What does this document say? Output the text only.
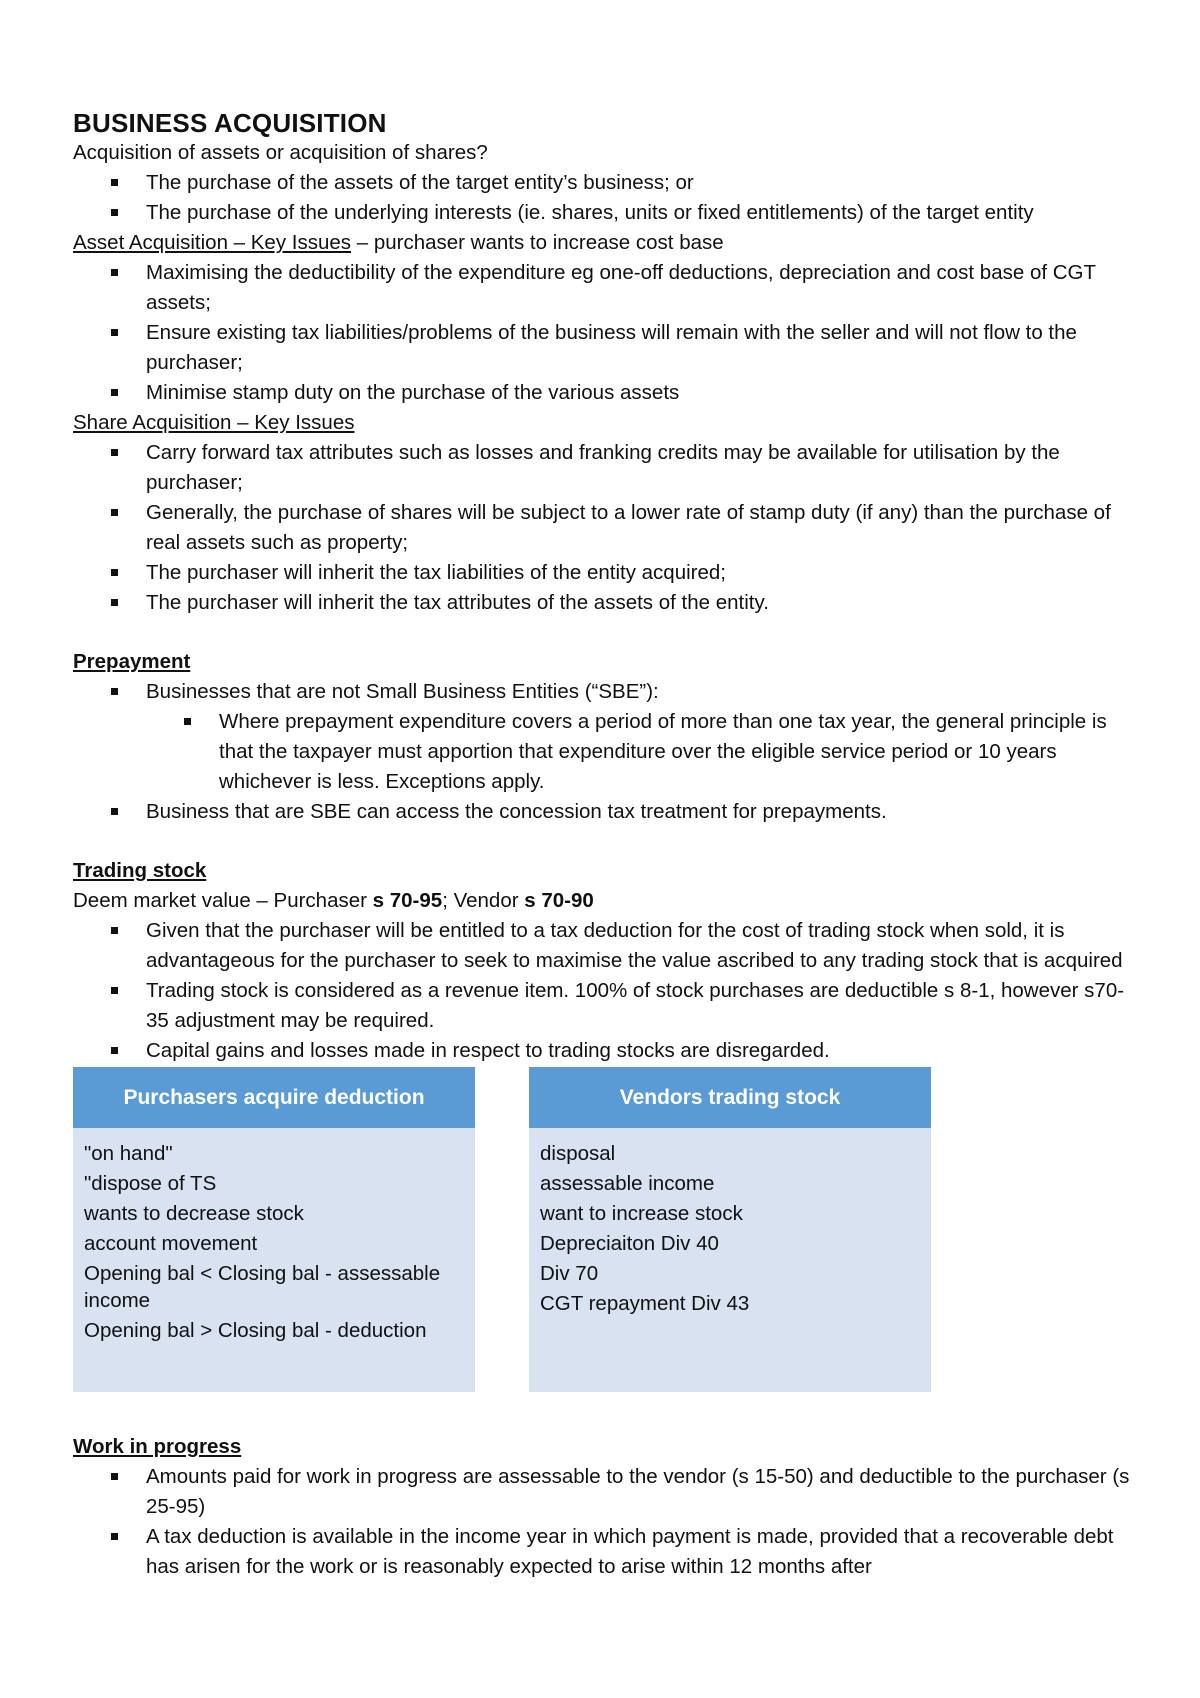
BUSINESS ACQUISITION

Acquisition of assets or acquisition of shares?

The purchase of the assets of the target entity’s business; or
The purchase of the underlying interests (ie. shares, units or fixed entitlements) of the target entity

Asset Acquisition – Key Issues – purchaser wants to increase cost base

Maximising the deductibility of the expenditure eg one-off deductions, depreciation and cost base of CGT assets;
Ensure existing tax liabilities/problems of the business will remain with the seller and will not flow to the purchaser;
Minimise stamp duty on the purchase of the various assets

Share Acquisition – Key Issues

Carry forward tax attributes such as losses and franking credits may be available for utilisation by the purchaser;
Generally, the purchase of shares will be subject to a lower rate of stamp duty (if any) than the purchase of real assets such as property;
The purchaser will inherit the tax liabilities of the entity acquired;
The purchaser will inherit the tax attributes of the assets of the entity.

Prepayment

Businesses that are not Small Business Entities (“SBE”):
Where prepayment expenditure covers a period of more than one tax year, the general principle is that the taxpayer must apportion that expenditure over the eligible service period or 10 years whichever is less. Exceptions apply.
Business that are SBE can access the concession tax treatment for prepayments.

Trading stock

Deem market value – Purchaser s 70-95; Vendor s 70-90

Given that the purchaser will be entitled to a tax deduction for the cost of trading stock when sold, it is advantageous for the purchaser to seek to maximise the value ascribed to any trading stock that is acquired
Trading stock is considered as a revenue item. 100% of stock purchases are deductible s 8-1, however s70-35 adjustment may be required.
Capital gains and losses made in respect to trading stocks are disregarded.
Purchasers acquire deduction
"on hand"
"dispose of TS
wants to decrease stock
account movement
Opening bal < Closing bal - assessable income
Opening bal > Closing bal - deduction
Vendors trading stock
disposal
assessable income
want to increase stock
Depreciaiton Div 40
Div 70
CGT repayment Div 43

Work in progress

Amounts paid for work in progress are assessable to the vendor (s 15-50) and deductible to the purchaser (s 25-95)
A tax deduction is available in the income year in which payment is made, provided that a recoverable debt has arisen for the work or is reasonably expected to arise within 12 months after
